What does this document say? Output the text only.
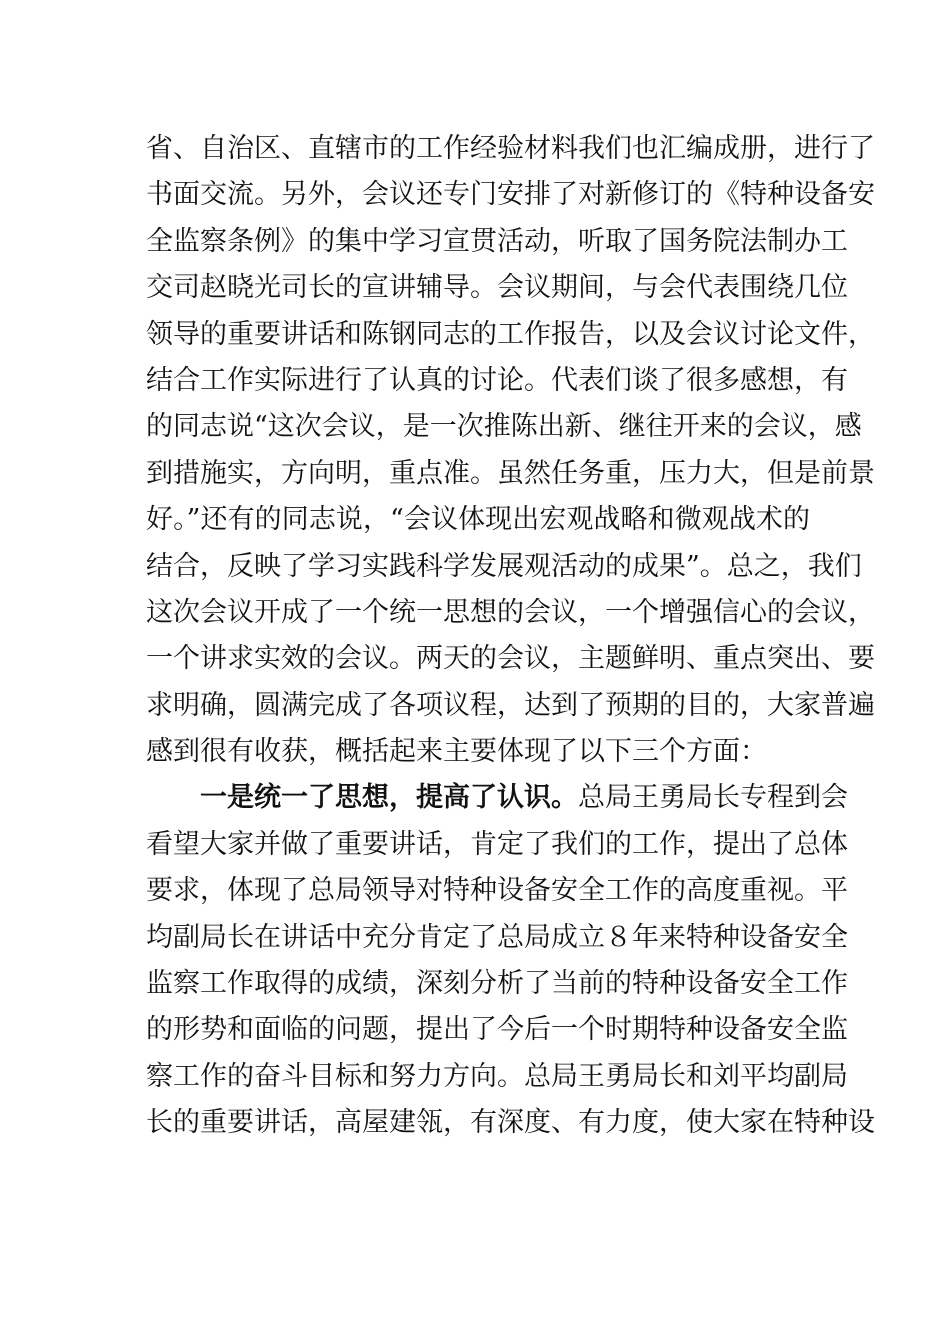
省、自治区、直辖市的工作经验材料我们也汇编成册，进行了
书面交流。另外，会议还专门安排了对新修订的《特种设备安
全监察条例》的集中学习宣贯活动，听取了国务院法制办工
交司赵晓光司长的宣讲辅导。会议期间，与会代表围绕几位
领导的重要讲话和陈钢同志的工作报告，以及会议讨论文件，
结合工作实际进行了认真的讨论。代表们谈了很多感想，有
的同志说“这次会议，是一次推陈出新、继往开来的会议，感
到措施实，方向明，重点准。虽然任务重，压力大，但是前景
好。”还有的同志说，“会议体现出宏观战略和微观战术的
结合，反映了学习实践科学发展观活动的成果”。总之，我们
这次会议开成了一个统一思想的会议，一个增强信心的会议，
一个讲求实效的会议。两天的会议，主题鲜明、重点突出、要
求明确，圆满完成了各项议程，达到了预期的目的，大家普遍
感到很有收获，概括起来主要体现了以下三个方面：
一是统一了思想，提高了认识。总局王勇局长专程到会
看望大家并做了重要讲话，肯定了我们的工作，提出了总体
要求，体现了总局领导对特种设备安全工作的高度重视。平
均副局长在讲话中充分肯定了总局成立８年来特种设备安全
监察工作取得的成绩，深刻分析了当前的特种设备安全工作
的形势和面临的问题，提出了今后一个时期特种设备安全监
察工作的奋斗目标和努力方向。总局王勇局长和刘平均副局
长的重要讲话，高屋建瓴，有深度、有力度，使大家在特种设
